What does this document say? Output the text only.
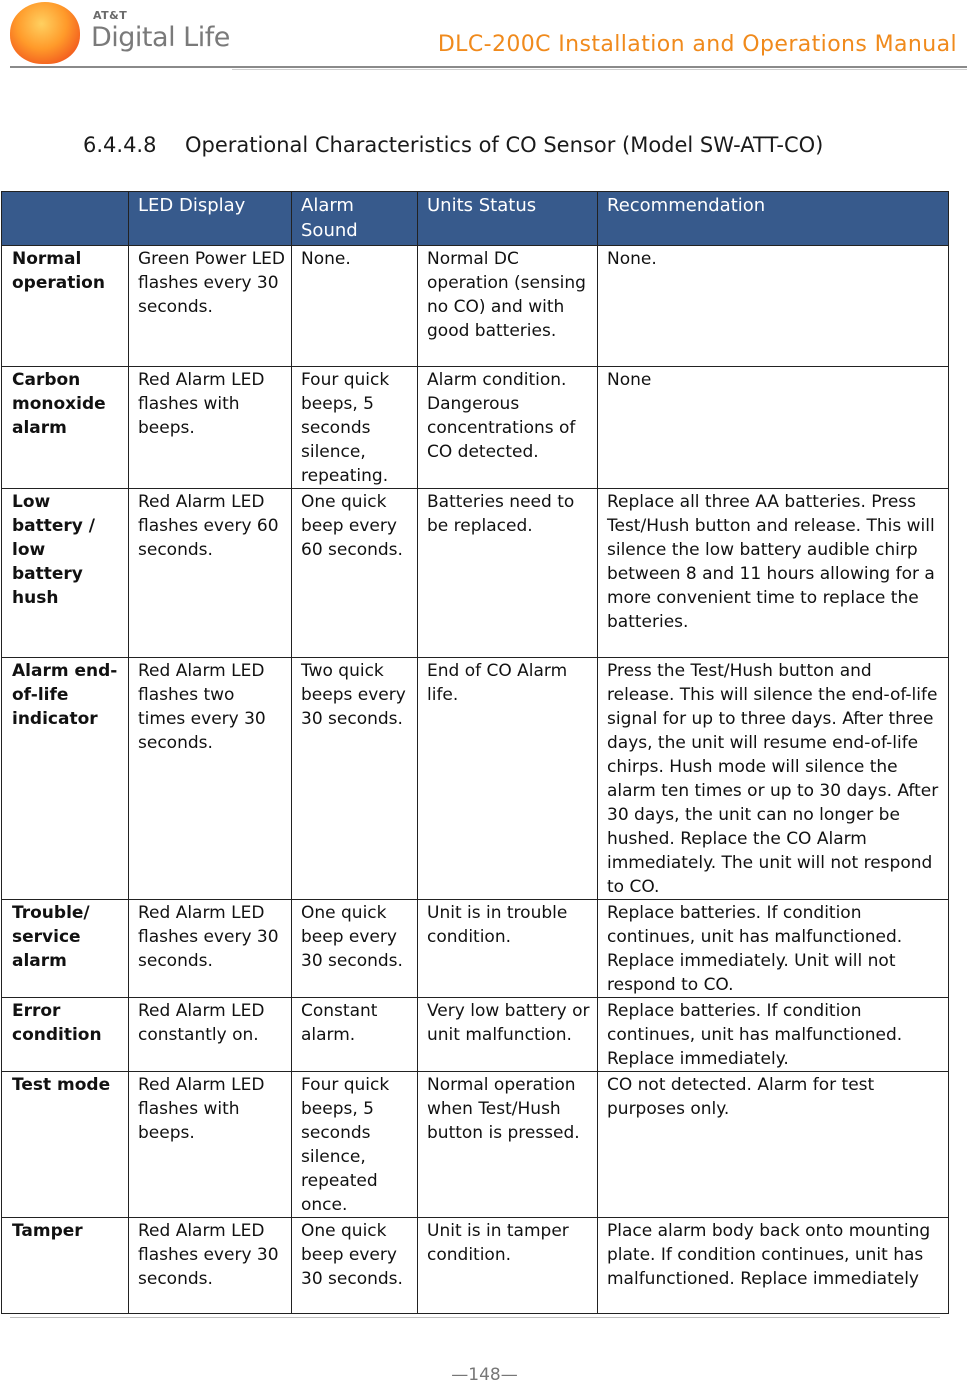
AT&T
Digital Life	DLC-200C Installation and Operations Manual
6.4.4.8 Operational Characteristics of CO Sensor (Model SW-ATT-CO)
	LED Display	Alarm Sound	Units Status	Recommendation
Normal operation	Green Power LED flashes every 30 seconds.	None.	Normal DC operation (sensing no CO) and with good batteries.	None.
Carbon monoxide alarm	Red Alarm LED flashes with beeps.	Four quick beeps, 5 seconds silence, repeating.	Alarm condition. Dangerous concentrations of CO detected.	None
Low battery / low battery hush	Red Alarm LED flashes every 60 seconds.	One quick beep every 60 seconds.	Batteries need to be replaced.	Replace all three AA batteries. Press Test/Hush button and release. This will silence the low battery audible chirp between 8 and 11 hours allowing for a more convenient time to replace the batteries.
Alarm end-of-life indicator	Red Alarm LED flashes two times every 30 seconds.	Two quick beeps every 30 seconds.	End of CO Alarm life.	Press the Test/Hush button and release. This will silence the end-of-life signal for up to three days. After three days, the unit will resume end-of-life chirps. Hush mode will silence the alarm ten times or up to 30 days. After 30 days, the unit can no longer be hushed. Replace the CO Alarm immediately. The unit will not respond to CO.
Trouble/ service alarm	Red Alarm LED flashes every 30 seconds.	One quick beep every 30 seconds.	Unit is in trouble condition.	Replace batteries. If condition continues, unit has malfunctioned. Replace immediately. Unit will not respond to CO.
Error condition	Red Alarm LED constantly on.	Constant alarm.	Very low battery or unit malfunction.	Replace batteries. If condition continues, unit has malfunctioned. Replace immediately.
Test mode	Red Alarm LED flashes with beeps.	Four quick beeps, 5 seconds silence, repeated once.	Normal operation when Test/Hush button is pressed.	CO not detected. Alarm for test purposes only.
Tamper	Red Alarm LED flashes every 30 seconds.	One quick beep every 30 seconds.	Unit is in tamper condition.	Place alarm body back onto mounting plate. If condition continues, unit has malfunctioned. Replace immediately
—148—
